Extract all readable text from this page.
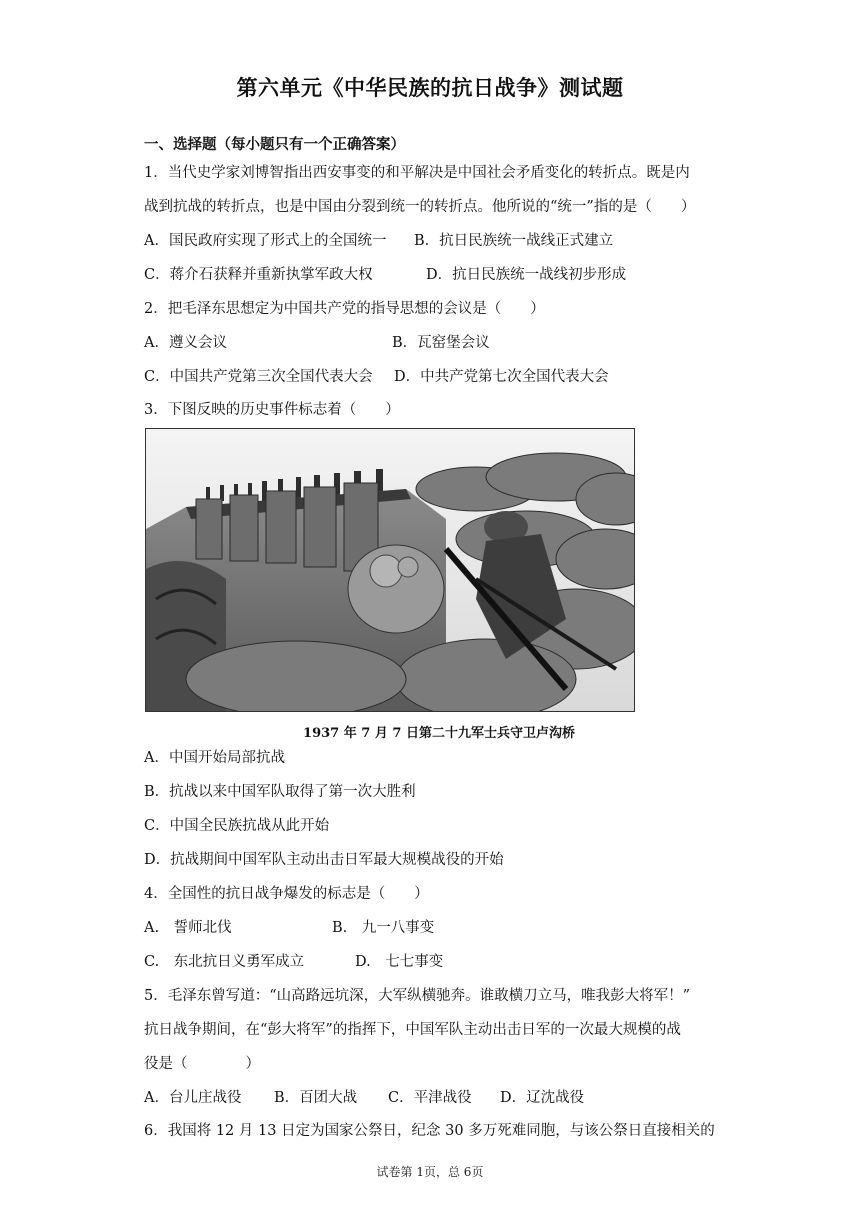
第六单元《中华民族的抗日战争》测试题
一、选择题（每小题只有一个正确答案）
1．当代史学家刘博智指出西安事变的和平解决是中国社会矛盾变化的转折点。既是内
战到抗战的转折点，也是中国由分裂到统一的转折点。他所说的“统一”指的是（　　）
A．国民政府实现了形式上的全国统一 B．抗日民族统一战线正式建立
C．蒋介石获释并重新执掌军政大权	D．抗日民族统一战线初步形成
2．把毛泽东思想定为中国共产党的指导思想的会议是（　　）
A．遵义会议	B．瓦窑堡会议
C．中国共产党第三次全国代表大会 D．中共产党第七次全国代表大会
3．下图反映的历史事件标志着（　　）
1937 年 7 月 7 日第二十九军士兵守卫卢沟桥
A．中国开始局部抗战
B．抗战以来中国军队取得了第一次大胜利
C．中国全民族抗战从此开始
D．抗战期间中国军队主动出击日军最大规模战役的开始
4．全国性的抗日战争爆发的标志是（　　）
A.　誓师北伐	B.　九一八事变
C.　东北抗日义勇军成立	D.　七七事变
5．毛泽东曾写道：“山高路远坑深，大军纵横驰奔。谁敢横刀立马，唯我彭大将军！”
抗日战争期间，在“彭大将军”的指挥下，中国军队主动出击日军的一次最大规模的战
役是（　　　　）
A．台儿庄战役 B．百团大战 C．平津战役 D．辽沈战役
6．我国将 12 月 13 日定为国家公祭日，纪念 30 多万死难同胞，与该公祭日直接相关的
试卷第 1页，总 6页
